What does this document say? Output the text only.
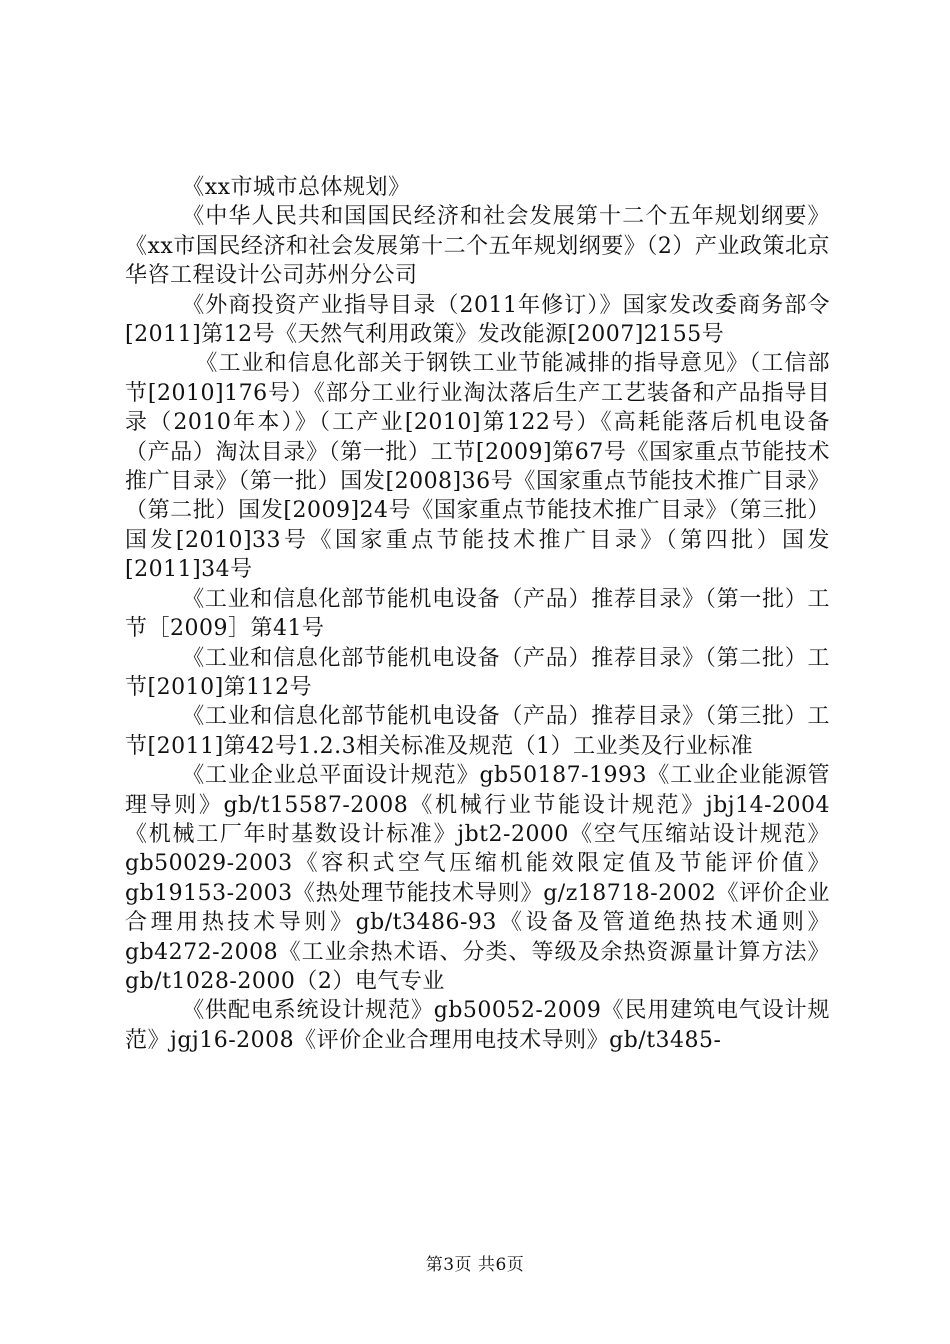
《xx市城市总体规划》

《中华人民共和国国民经济和社会发展第十二个五年规划纲要》《xx市国民经济和社会发展第十二个五年规划纲要》（2）产业政策北京华咨工程设计公司苏州分公司

《外商投资产业指导目录（2011年修订）》国家发改委商务部令[2011]第12号《天然气利用政策》发改能源[2007]2155号

《工业和信息化部关于钢铁工业节能减排的指导意见》（工信部节[2010]176号）《部分工业行业淘汰落后生产工艺装备和产品指导目录（2010年本）》（工产业[2010]第122号）《高耗能落后机电设备（产品）淘汰目录》（第一批）工节[2009]第67号《国家重点节能技术推广目录》（第一批）国发[2008]36号《国家重点节能技术推广目录》（第二批）国发[2009]24号《国家重点节能技术推广目录》（第三批）国发[2010]33号《国家重点节能技术推广目录》（第四批）国发[2011]34号

《工业和信息化部节能机电设备（产品）推荐目录》（第一批）工节［2009］第41号

《工业和信息化部节能机电设备（产品）推荐目录》（第二批）工节[2010]第112号

《工业和信息化部节能机电设备（产品）推荐目录》（第三批）工节[2011]第42号1.2.3相关标准及规范（1）工业类及行业标准

《工业企业总平面设计规范》gb50187-1993《工业企业能源管理导则》gb/t15587-2008《机械行业节能设计规范》jbj14-2004《机械工厂年时基数设计标准》jbt2-2000《空气压缩站设计规范》gb50029-2003《容积式空气压缩机能效限定值及节能评价值》gb19153-2003《热处理节能技术导则》g/z18718-2002《评价企业合理用热技术导则》gb/t3486-93《设备及管道绝热技术通则》gb4272-2008《工业余热术语、分类、等级及余热资源量计算方法》gb/t1028-2000（2）电气专业

《供配电系统设计规范》gb50052-2009《民用建筑电气设计规范》jgj16-2008《评价企业合理用电技术导则》gb/t3485-

第3页 共6页
